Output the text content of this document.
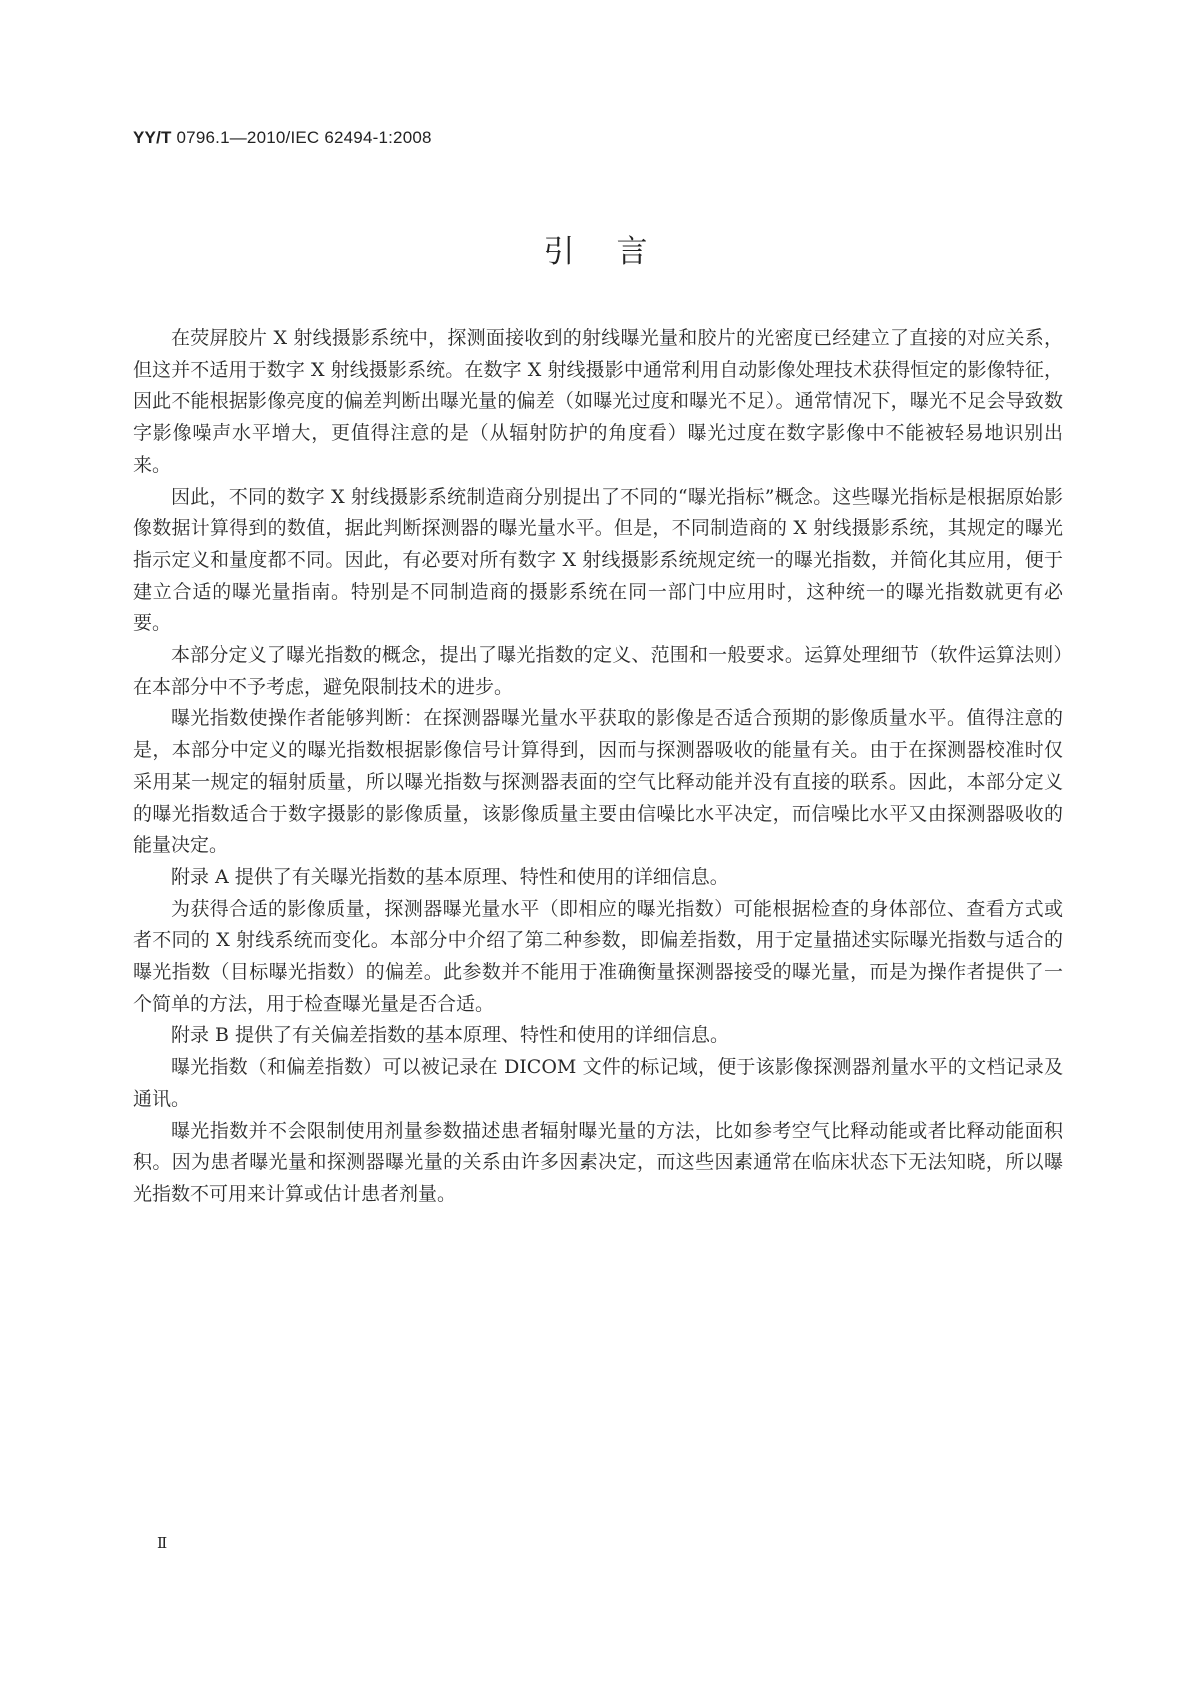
YY/T 0796.1—2010/IEC 62494-1:2008
引言

在荧屏胶片 X 射线摄影系统中，探测面接收到的射线曝光量和胶片的光密度已经建立了直接的对应关系，但这并不适用于数字 X 射线摄影系统。在数字 X 射线摄影中通常利用自动影像处理技术获得恒定的影像特征，因此不能根据影像亮度的偏差判断出曝光量的偏差（如曝光过度和曝光不足）。通常情况下，曝光不足会导致数字影像噪声水平增大，更值得注意的是（从辐射防护的角度看）曝光过度在数字影像中不能被轻易地识别出来。

因此，不同的数字 X 射线摄影系统制造商分别提出了不同的“曝光指标”概念。这些曝光指标是根据原始影像数据计算得到的数值，据此判断探测器的曝光量水平。但是，不同制造商的 X 射线摄影系统，其规定的曝光指示定义和量度都不同。因此，有必要对所有数字 X 射线摄影系统规定统一的曝光指数，并简化其应用，便于建立合适的曝光量指南。特别是不同制造商的摄影系统在同一部门中应用时，这种统一的曝光指数就更有必要。

本部分定义了曝光指数的概念，提出了曝光指数的定义、范围和一般要求。运算处理细节（软件运算法则）在本部分中不予考虑，避免限制技术的进步。

曝光指数使操作者能够判断：在探测器曝光量水平获取的影像是否适合预期的影像质量水平。值得注意的是，本部分中定义的曝光指数根据影像信号计算得到，因而与探测器吸收的能量有关。由于在探测器校准时仅采用某一规定的辐射质量，所以曝光指数与探测器表面的空气比释动能并没有直接的联系。因此，本部分定义的曝光指数适合于数字摄影的影像质量，该影像质量主要由信噪比水平决定，而信噪比水平又由探测器吸收的能量决定。

附录 A 提供了有关曝光指数的基本原理、特性和使用的详细信息。

为获得合适的影像质量，探测器曝光量水平（即相应的曝光指数）可能根据检查的身体部位、查看方式或者不同的 X 射线系统而变化。本部分中介绍了第二种参数，即偏差指数，用于定量描述实际曝光指数与适合的曝光指数（目标曝光指数）的偏差。此参数并不能用于准确衡量探测器接受的曝光量，而是为操作者提供了一个简单的方法，用于检查曝光量是否合适。

附录 B 提供了有关偏差指数的基本原理、特性和使用的详细信息。

曝光指数（和偏差指数）可以被记录在 DICOM 文件的标记域，便于该影像探测器剂量水平的文档记录及通讯。

曝光指数并不会限制使用剂量参数描述患者辐射曝光量的方法，比如参考空气比释动能或者比释动能面积积。因为患者曝光量和探测器曝光量的关系由许多因素决定，而这些因素通常在临床状态下无法知晓，所以曝光指数不可用来计算或估计患者剂量。

Ⅱ
